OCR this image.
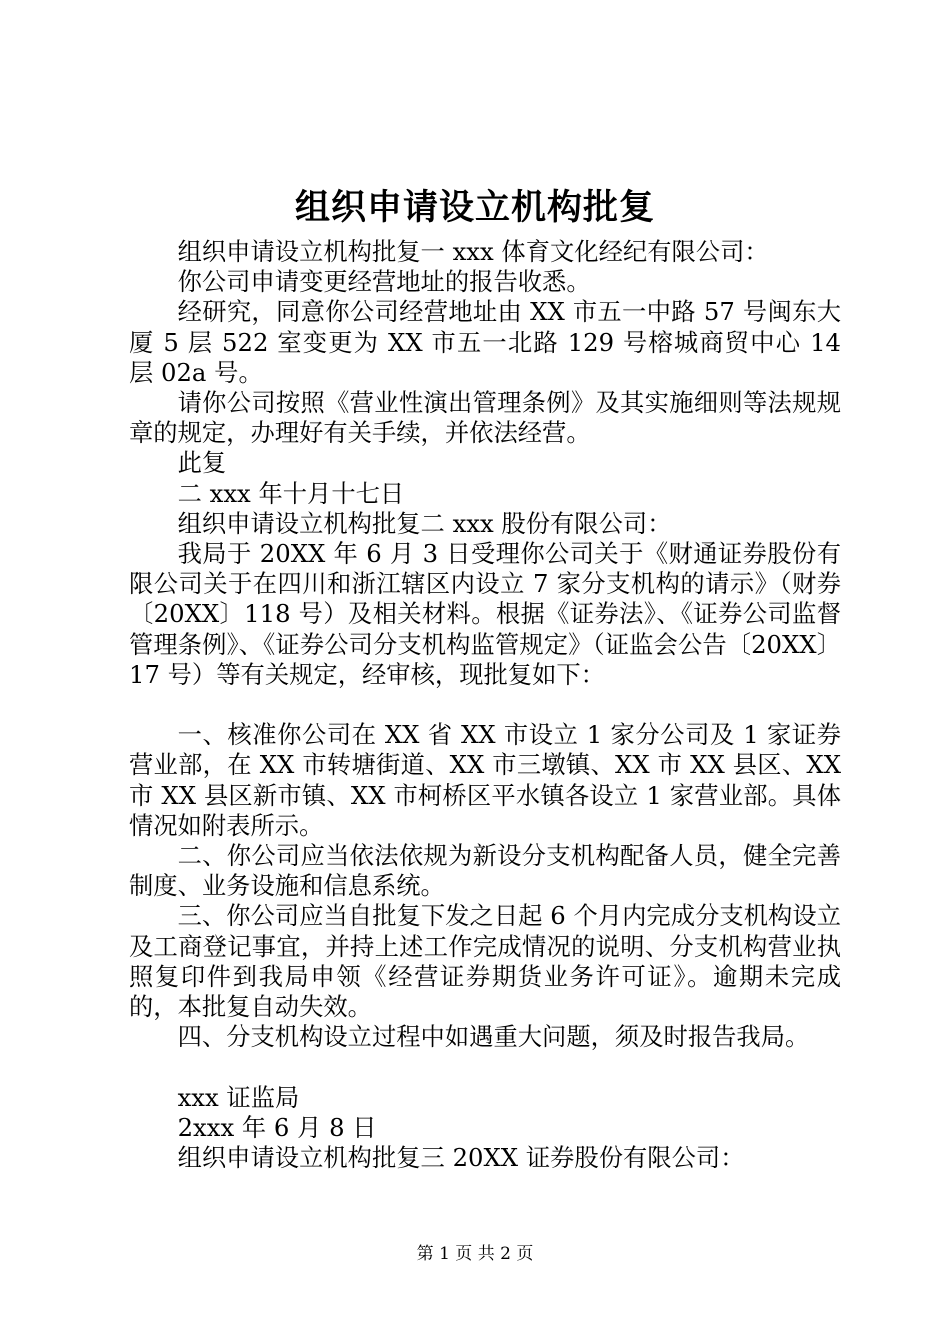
组织申请设立机构批复

组织申请设立机构批复一 xxx 体育文化经纪有限公司：

你公司申请变更经营地址的报告收悉。

经研究，同意你公司经营地址由 XX 市五一中路 57 号闽东大厦 5 层 522 室变更为 XX 市五一北路 129 号榕城商贸中心 14 层 02a 号。

请你公司按照《营业性演出管理条例》及其实施细则等法规规章的规定，办理好有关手续，并依法经营。

此复

二 xxx 年十月十七日

组织申请设立机构批复二 xxx 股份有限公司：

我局于 20XX 年 6 月 3 日受理你公司关于《财通证券股份有限公司关于在四川和浙江辖区内设立 7 家分支机构的请示》（财券〔20XX〕118 号）及相关材料。根据《证券法》、《证券公司监督管理条例》、《证券公司分支机构监管规定》（证监会公告〔20XX〕17 号）等有关规定，经审核，现批复如下：

一、核准你公司在 XX 省 XX 市设立 1 家分公司及 1 家证券营业部，在 XX 市转塘街道、XX 市三墩镇、XX 市 XX 县区、XX 市 XX 县区新市镇、XX 市柯桥区平水镇各设立 1 家营业部。具体情况如附表所示。

二、你公司应当依法依规为新设分支机构配备人员，健全完善制度、业务设施和信息系统。

三、你公司应当自批复下发之日起 6 个月内完成分支机构设立及工商登记事宜，并持上述工作完成情况的说明、分支机构营业执照复印件到我局申领《经营证券期货业务许可证》。逾期未完成的，本批复自动失效。

四、分支机构设立过程中如遇重大问题，须及时报告我局。

xxx 证监局

2xxx 年 6 月 8 日

组织申请设立机构批复三 20XX 证券股份有限公司：

第 1 页 共 2 页
